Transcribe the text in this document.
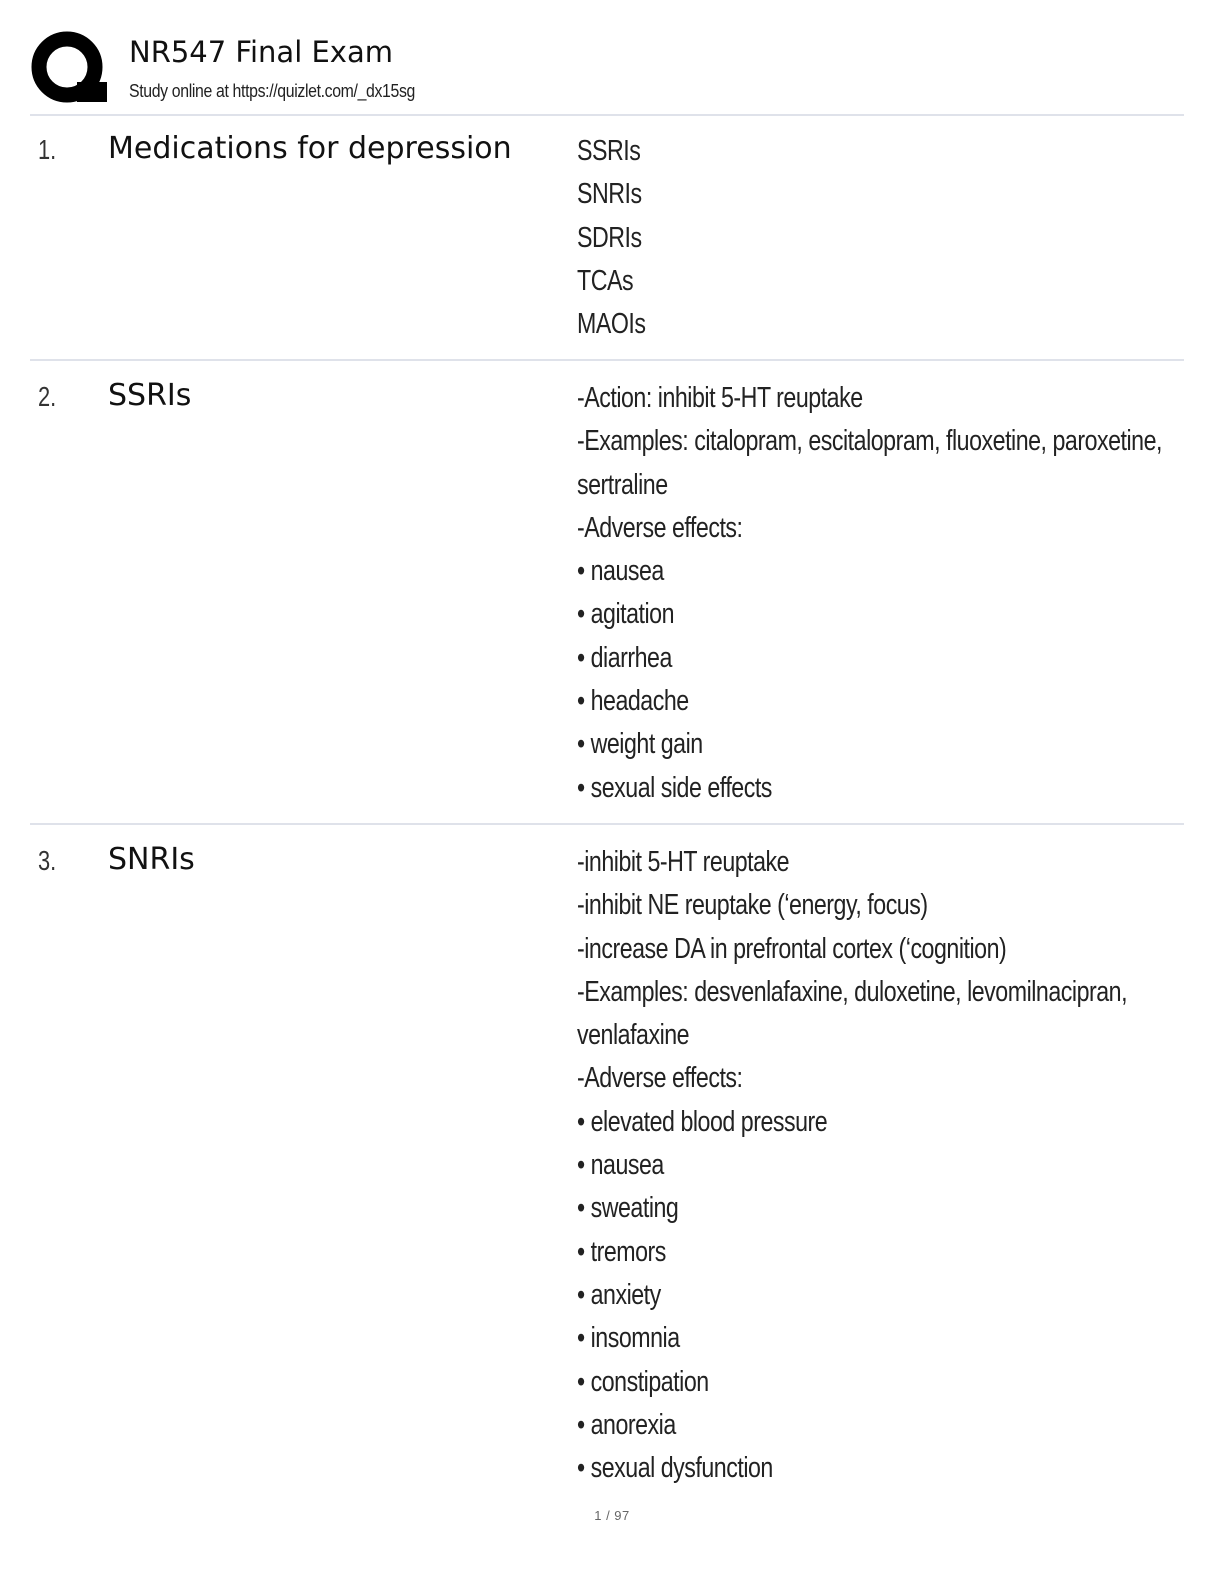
NR547 Final Exam
Study online at https://quizlet.com/_dx15sg
1. Medications for depression	SSRIs
SNRIs
SDRIs
TCAs
MAOIs
2. SSRIs	-Action: inhibit 5-HT reuptake
-Examples: citalopram, escitalopram, fluoxetine, paroxetine,
sertraline
-Adverse effects:
• nausea
• agitation
• diarrhea
• headache
• weight gain
• sexual side effects
3. SNRIs	-inhibit 5-HT reuptake
-inhibit NE reuptake (‘energy, focus)
-increase DA in prefrontal cortex (‘cognition)
-Examples: desvenlafaxine, duloxetine, levomilnacipran,
venlafaxine
-Adverse effects:
• elevated blood pressure
• nausea
• sweating
• tremors
• anxiety
• insomnia
• constipation
• anorexia
• sexual dysfunction
1 / 97
